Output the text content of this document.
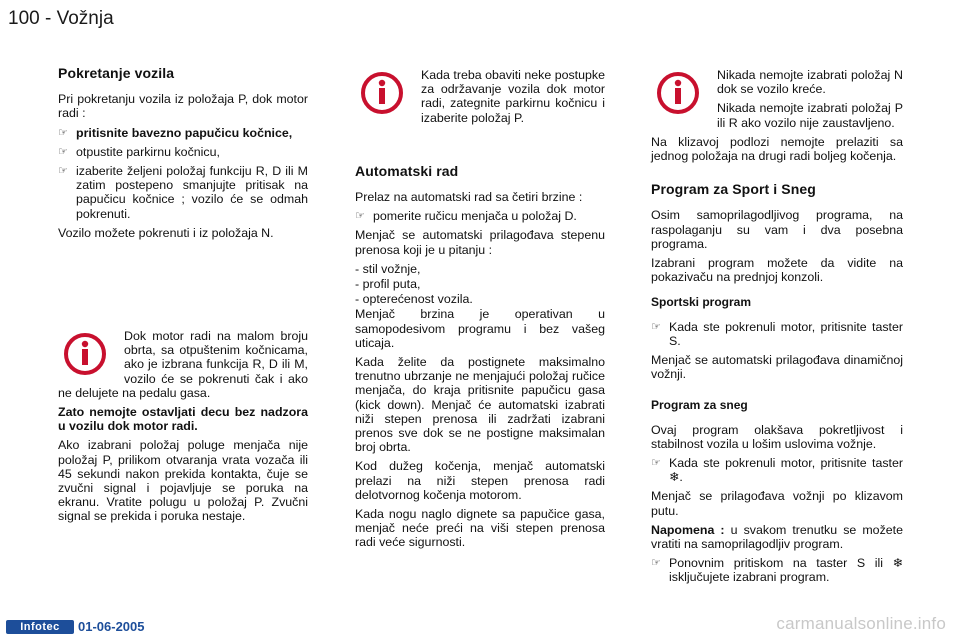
100 - Vožnja
Pokretanje vozila

Pri pokretanju vozila iz položaja P, dok motor radi :

☞ pritisnite bavezno papučicu kočnice,
☞ otpustite parkirnu kočnicu,
☞ izaberite željeni položaj funkciju R, D ili M zatim postepeno smanjujte pritisak na papučicu kočnice ; vozilo će se odmah pokrenuti.

Vozilo možete pokrenuti i iz položaja N.

Dok motor radi na malom broju obrta, sa otpuštenim kočnicama, ako je izbrana funkcija R, D ili M, vozilo će se pokrenuti čak i ako ne delujete na pedalu gasa.

Zato nemojte ostavljati decu bez nadzora u vozilu dok motor radi.

Ako izabrani položaj poluge menjača nije položaj P, prilikom otvaranja vrata vozača ili 45 sekundi nakon prekida kontakta, čuje se zvučni signal i pojavljuje se poruka na ekranu. Vratite polugu u položaj P. Zvučni signal se prekida i poruka nestaje.

Kada treba obaviti neke postupke za održavanje vozila dok motor radi, zategnite parkirnu kočnicu i izaberite položaj P.

Automatski rad

Prelaz na automatski rad sa četiri brzine :

☞ pomerite ručicu menjača u položaj D.

Menjač se automatski prilagođava stepenu prenosa koji je u pitanju :

- stil vožnje,
- profil puta,
- opterećenost vozila.

Menjač brzina je operativan u samopodesivom programu i bez vašeg uticaja.

Kada želite da postignete maksimalno trenutno ubrzanje ne menjajući položaj ručice menjača, do kraja pritisnite papučicu gasa (kick down). Menjač će automatski izabrati niži stepen prenosa ili zadržati izabrani prenos sve dok se ne postigne maksimalan broj obrta.

Kod dužeg kočenja, menjač automatski prelazi na niži stepen prenosa radi delotvornog kočenja motorom.

Kada nogu naglo dignete sa papučice gasa, menjač neće preći na viši stepen prenosa radi veće sigurnosti.

Nikada nemojte izabrati položaj N dok se vozilo kreće.

Nikada nemojte izabrati položaj P ili R ako vozilo nije zaustavljeno.

Na klizavoj podlozi nemojte prelaziti sa jednog položaja na drugi radi boljeg kočenja.

Program za Sport i Sneg

Osim samoprilagodljivog programa, na raspolaganju su vam i dva posebna programa.

Izabrani program možete da vidite na pokazivaču na prednjoj konzoli.

Sportski program
☞ Kada ste pokrenuli motor, pritisnite taster S.

Menjač se automatski prilagođava dinamičnoj vožnji.

Program za sneg

Ovaj program olakšava pokretljivost i stabilnost vozila u lošim uslovima vožnje.

☞ Kada ste pokrenuli motor, pritisnite taster ❄.

Menjač se prilagođava vožnji po klizavom putu.

Napomena : u svakom trenutku se možete vratiti na samoprilagodljiv program.

☞ Ponovnim pritiskom na taster S ili ❄ isključujete izabrani program.
Infotec	01-06-2005	carmanualsonline.info
